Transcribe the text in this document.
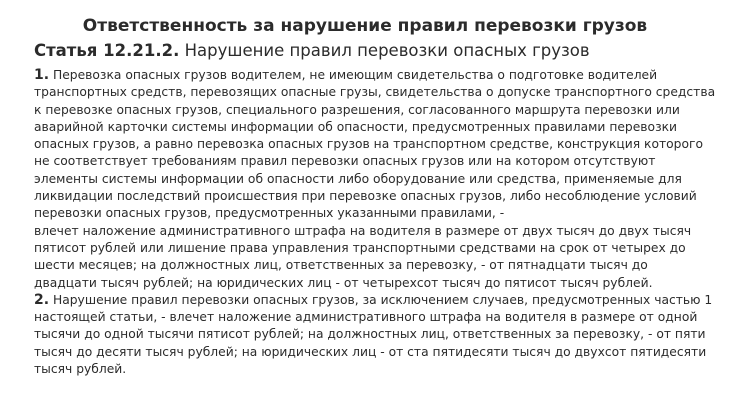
Ответственность за нарушение правил перевозки грузов
Статья 12.21.2. Нарушение правил перевозки опасных грузов
1. Перевозка опасных грузов водителем, не имеющим свидетельства о подготовке водителей
транспортных средств, перевозящих опасные грузы, свидетельства о допуске транспортного средства
к перевозке опасных грузов, специального разрешения, согласованного маршрута перевозки или
аварийной карточки системы информации об опасности, предусмотренных правилами перевозки
опасных грузов, а равно перевозка опасных грузов на транспортном средстве, конструкция которого
не соответствует требованиям правил перевозки опасных грузов или на котором отсутствуют
элементы системы информации об опасности либо оборудование или средства, применяемые для
ликвидации последствий происшествия при перевозке опасных грузов, либо несоблюдение условий
перевозки опасных грузов, предусмотренных указанными правилами, -
влечет наложение административного штрафа на водителя в размере от двух тысяч до двух тысяч
пятисот рублей или лишение права управления транспортными средствами на срок от четырех до
шести месяцев; на должностных лиц, ответственных за перевозку, - от пятнадцати тысяч до
двадцати тысяч рублей; на юридических лиц - от четырехсот тысяч до пятисот тысяч рублей.
2. Нарушение правил перевозки опасных грузов, за исключением случаев, предусмотренных частью 1
настоящей статьи, - влечет наложение административного штрафа на водителя в размере от одной
тысячи до одной тысячи пятисот рублей; на должностных лиц, ответственных за перевозку, - от пяти
тысяч до десяти тысяч рублей; на юридических лиц - от ста пятидесяти тысяч до двухсот пятидесяти
тысяч рублей.
